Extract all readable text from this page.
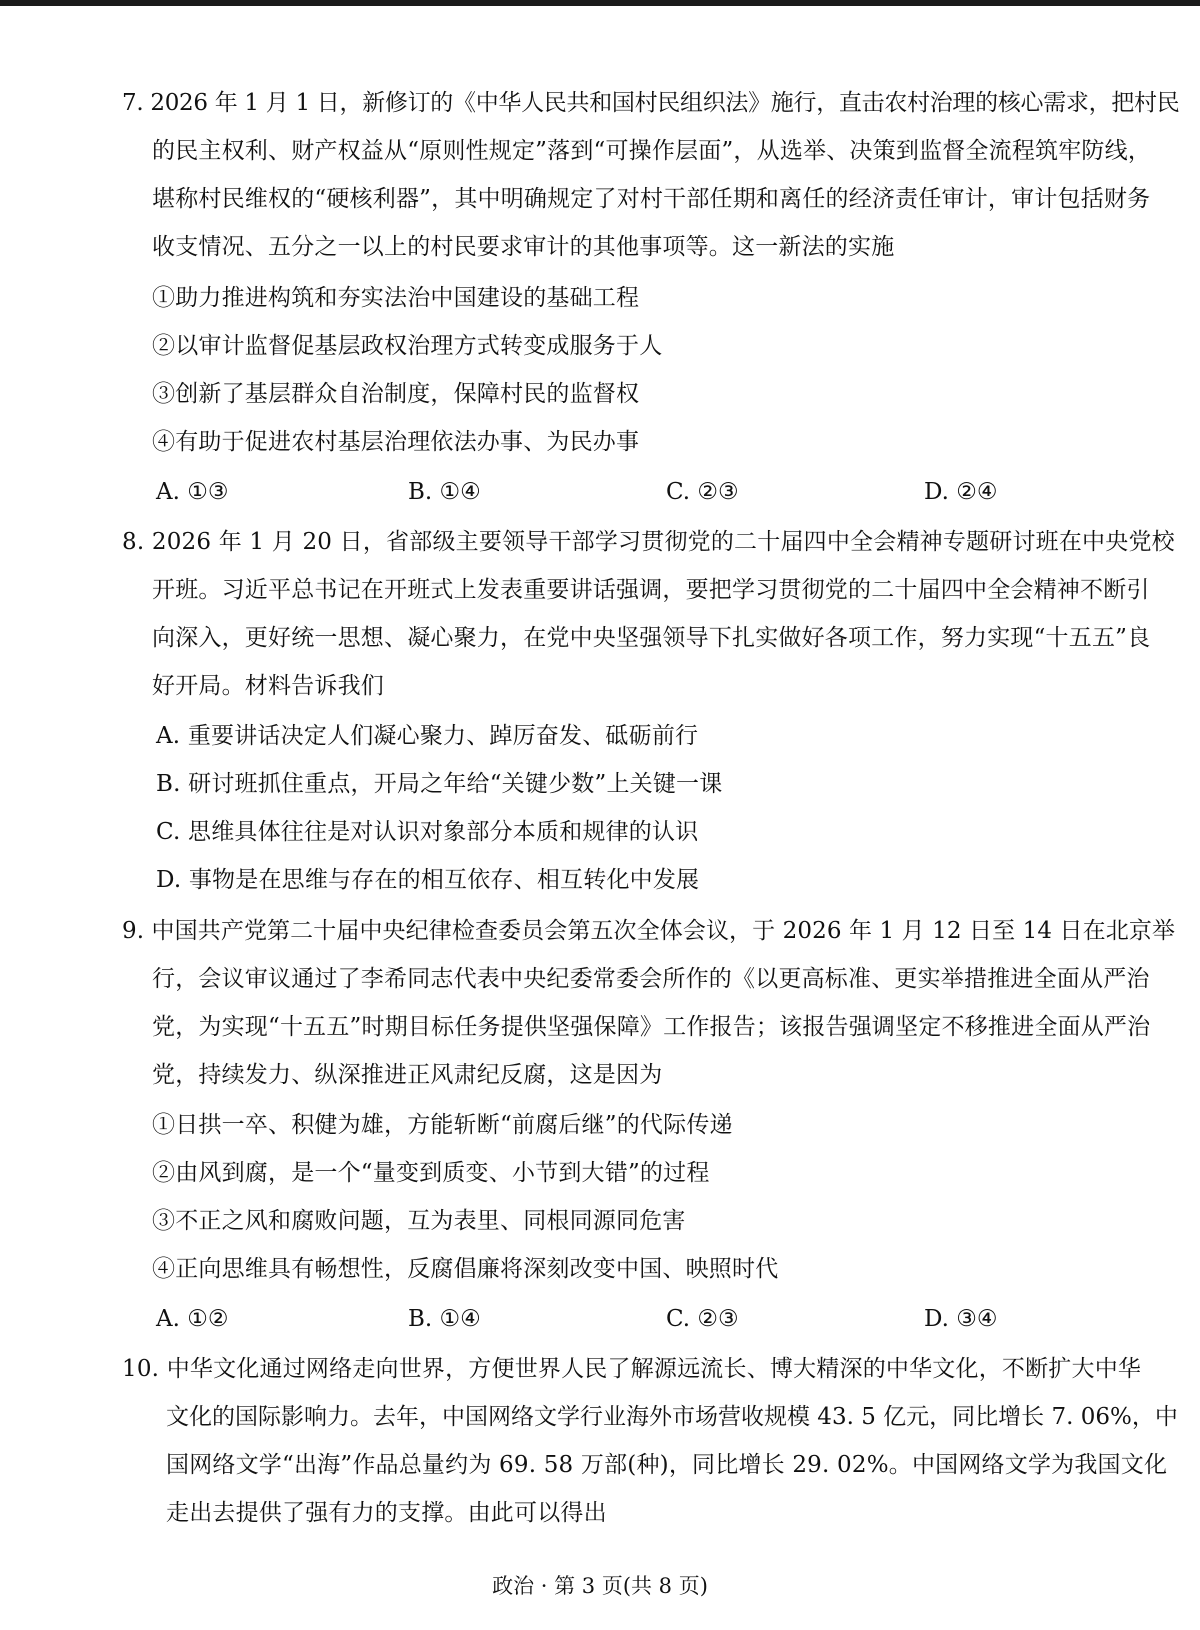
7. 2026 年 1 月 1 日，新修订的《中华人民共和国村民组织法》施行，直击农村治理的核心需求，把村民
的民主权利、财产权益从“原则性规定”落到“可操作层面”，从选举、决策到监督全流程筑牢防线，
堪称村民维权的“硬核利器”，其中明确规定了对村干部任期和离任的经济责任审计，审计包括财务
收支情况、五分之一以上的村民要求审计的其他事项等。这一新法的实施
①助力推进构筑和夯实法治中国建设的基础工程
②以审计监督促基层政权治理方式转变成服务于人
③创新了基层群众自治制度，保障村民的监督权
④有助于促进农村基层治理依法办事、为民办事
A. ①③	B. ①④	C. ②③	D. ②④
8. 2026 年 1 月 20 日，省部级主要领导干部学习贯彻党的二十届四中全会精神专题研讨班在中央党校
开班。习近平总书记在开班式上发表重要讲话强调，要把学习贯彻党的二十届四中全会精神不断引
向深入，更好统一思想、凝心聚力，在党中央坚强领导下扎实做好各项工作，努力实现“十五五”良
好开局。材料告诉我们
A. 重要讲话决定人们凝心聚力、踔厉奋发、砥砺前行
B. 研讨班抓住重点，开局之年给“关键少数”上关键一课
C. 思维具体往往是对认识对象部分本质和规律的认识
D. 事物是在思维与存在的相互依存、相互转化中发展
9. 中国共产党第二十届中央纪律检查委员会第五次全体会议，于 2026 年 1 月 12 日至 14 日在北京举
行，会议审议通过了李希同志代表中央纪委常委会所作的《以更高标准、更实举措推进全面从严治
党，为实现“十五五”时期目标任务提供坚强保障》工作报告；该报告强调坚定不移推进全面从严治
党，持续发力、纵深推进正风肃纪反腐，这是因为
①日拱一卒、积健为雄，方能斩断“前腐后继”的代际传递
②由风到腐，是一个“量变到质变、小节到大错”的过程
③不正之风和腐败问题，互为表里、同根同源同危害
④正向思维具有畅想性，反腐倡廉将深刻改变中国、映照时代
A. ①②	B. ①④	C. ②③	D. ③④
10. 中华文化通过网络走向世界，方便世界人民了解源远流长、博大精深的中华文化，不断扩大中华
文化的国际影响力。去年，中国网络文学行业海外市场营收规模 43. 5 亿元，同比增长 7. 06%，中
国网络文学“出海”作品总量约为 69. 58 万部(种)，同比增长 29. 02%。中国网络文学为我国文化
走出去提供了强有力的支撑。由此可以得出
政治 · 第 3 页(共 8 页)
